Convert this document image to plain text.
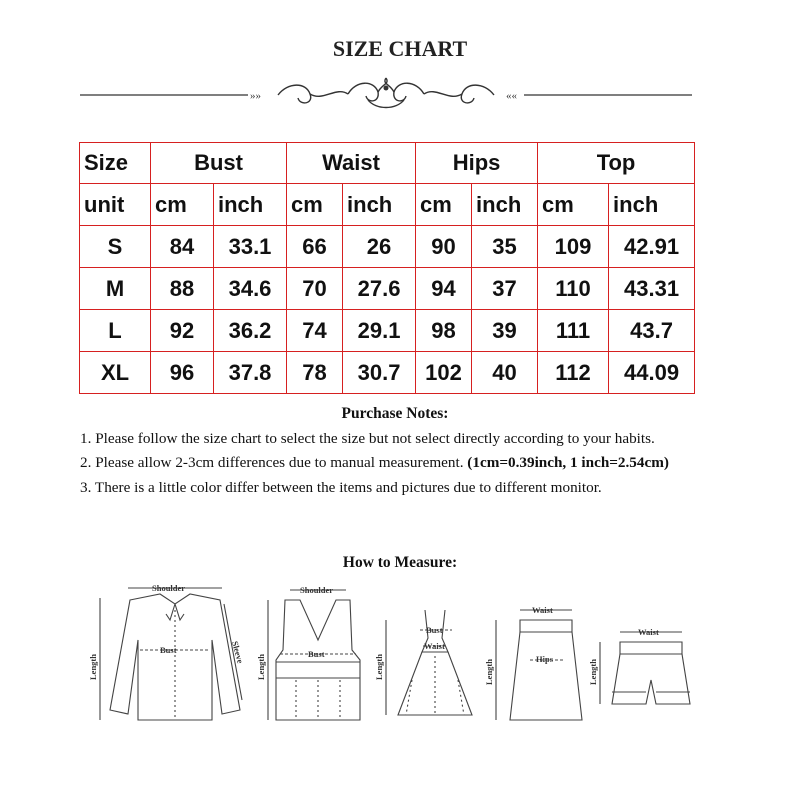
SIZE CHART
»»	««
Size	Bust		Waist		Hips		Top	
unit	cm	inch	cm	inch	cm	inch	cm	inch
S	84	33.1	66	26	90	35	109	42.91
M	88	34.6	70	27.6	94	37	110	43.31
L	92	36.2	74	29.1	98	39	111	43.7
XL	96	37.8	78	30.7	102	40	112	44.09
Purchase Notes:

1. Please follow the size chart to select the size but not select directly according to your habits.

2. Please allow 2-3cm differences due to manual measurement. (1cm=0.39inch, 1 inch=2.54cm)

3. There is a little color differ between the items and pictures due to different monitor.

How to Measure:
Shoulder
Bust
Length
Sleeve
Shoulder
Bust
Length
Bust
Waist
Length
Waist
Hips
Length
Waist
Length
